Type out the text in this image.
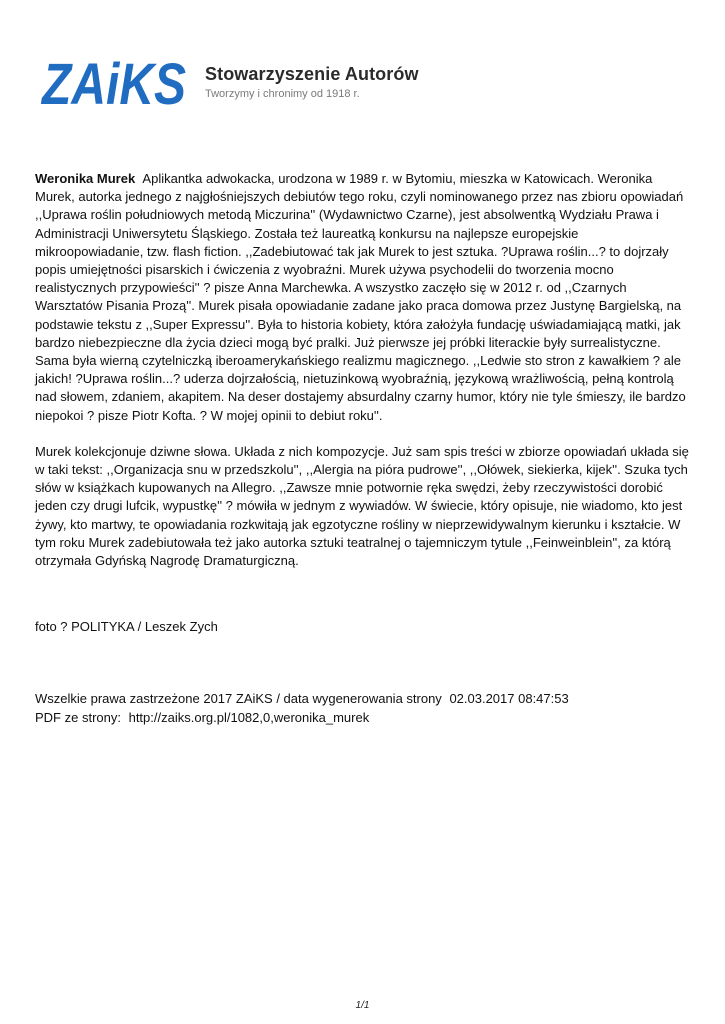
ZAiKS Stowarzyszenie Autorów
Tworzymy i chronimy od 1918 r.

Weronika Murek Aplikantka adwokacka, urodzona w 1989 r. w Bytomiu, mieszka w Katowicach. Weronika Murek, autorka jednego z najgłośniejszych debiutów tego roku, czyli nominowanego przez nas zbioru opowiadań ,,Uprawa roślin południowych metodą Miczurina'' (Wydawnictwo Czarne), jest absolwentką Wydziału Prawa i Administracji Uniwersytetu Śląskiego. Została też laureatką konkursu na najlepsze europejskie mikroopowiadanie, tzw. flash fiction. ,,Zadebiutować tak jak Murek to jest sztuka. ?Uprawa roślin...? to dojrzały popis umiejętności pisarskich i ćwiczenia z wyobraźni. Murek używa psychodelii do tworzenia mocno realistycznych przypowieści'' ? pisze Anna Marchewka. A wszystko zaczęło się w 2012 r. od ,,Czarnych Warsztatów Pisania Prozą''. Murek pisała opowiadanie zadane jako praca domowa przez Justynę Bargielską, na podstawie tekstu z ,,Super Expressu''. Była to historia kobiety, która założyła fundację uświadamiającą matki, jak bardzo niebezpieczne dla życia dzieci mogą być pralki. Już pierwsze jej próbki literackie były surrealistyczne. Sama była wierną czytelniczką iberoamerykańskiego realizmu magicznego. ,,Ledwie sto stron z kawałkiem ? ale jakich! ?Uprawa roślin...? uderza dojrzałością, nietuzinkową wyobraźnią, językową wrażliwością, pełną kontrolą nad słowem, zdaniem, akapitem. Na deser dostajemy absurdalny czarny humor, który nie tyle śmieszy, ile bardzo niepokoi ? pisze Piotr Kofta. ? W mojej opinii to debiut roku''.

Murek kolekcjonuje dziwne słowa. Układa z nich kompozycje. Już sam spis treści w zbiorze opowiadań układa się w taki tekst: ,,Organizacja snu w przedszkolu'', ,,Alergia na pióra pudrowe'', ,,Ołówek, siekierka, kijek''. Szuka tych słów w książkach kupowanych na Allegro. ,,Zawsze mnie potwornie ręka swędzi, żeby rzeczywistości dorobić jeden czy drugi lufcik, wypustkę'' ? mówiła w jednym z wywiadów. W świecie, który opisuje, nie wiadomo, kto jest żywy, kto martwy, te opowiadania rozkwitają jak egzotyczne rośliny w nieprzewidywalnym kierunku i kształcie. W tym roku Murek zadebiutowała też jako autorka sztuki teatralnej o tajemniczym tytule ,,Feinweinblein'', za którą otrzymała Gdyńską Nagrodę Dramaturgiczną.

foto ? POLITYKA / Leszek Zych
Wszelkie prawa zastrzeżone 2017 ZAiKS / data wygenerowania strony 02.03.2017 08:47:53
PDF ze strony: http://zaiks.org.pl/1082,0,weronika_murek
1/1
